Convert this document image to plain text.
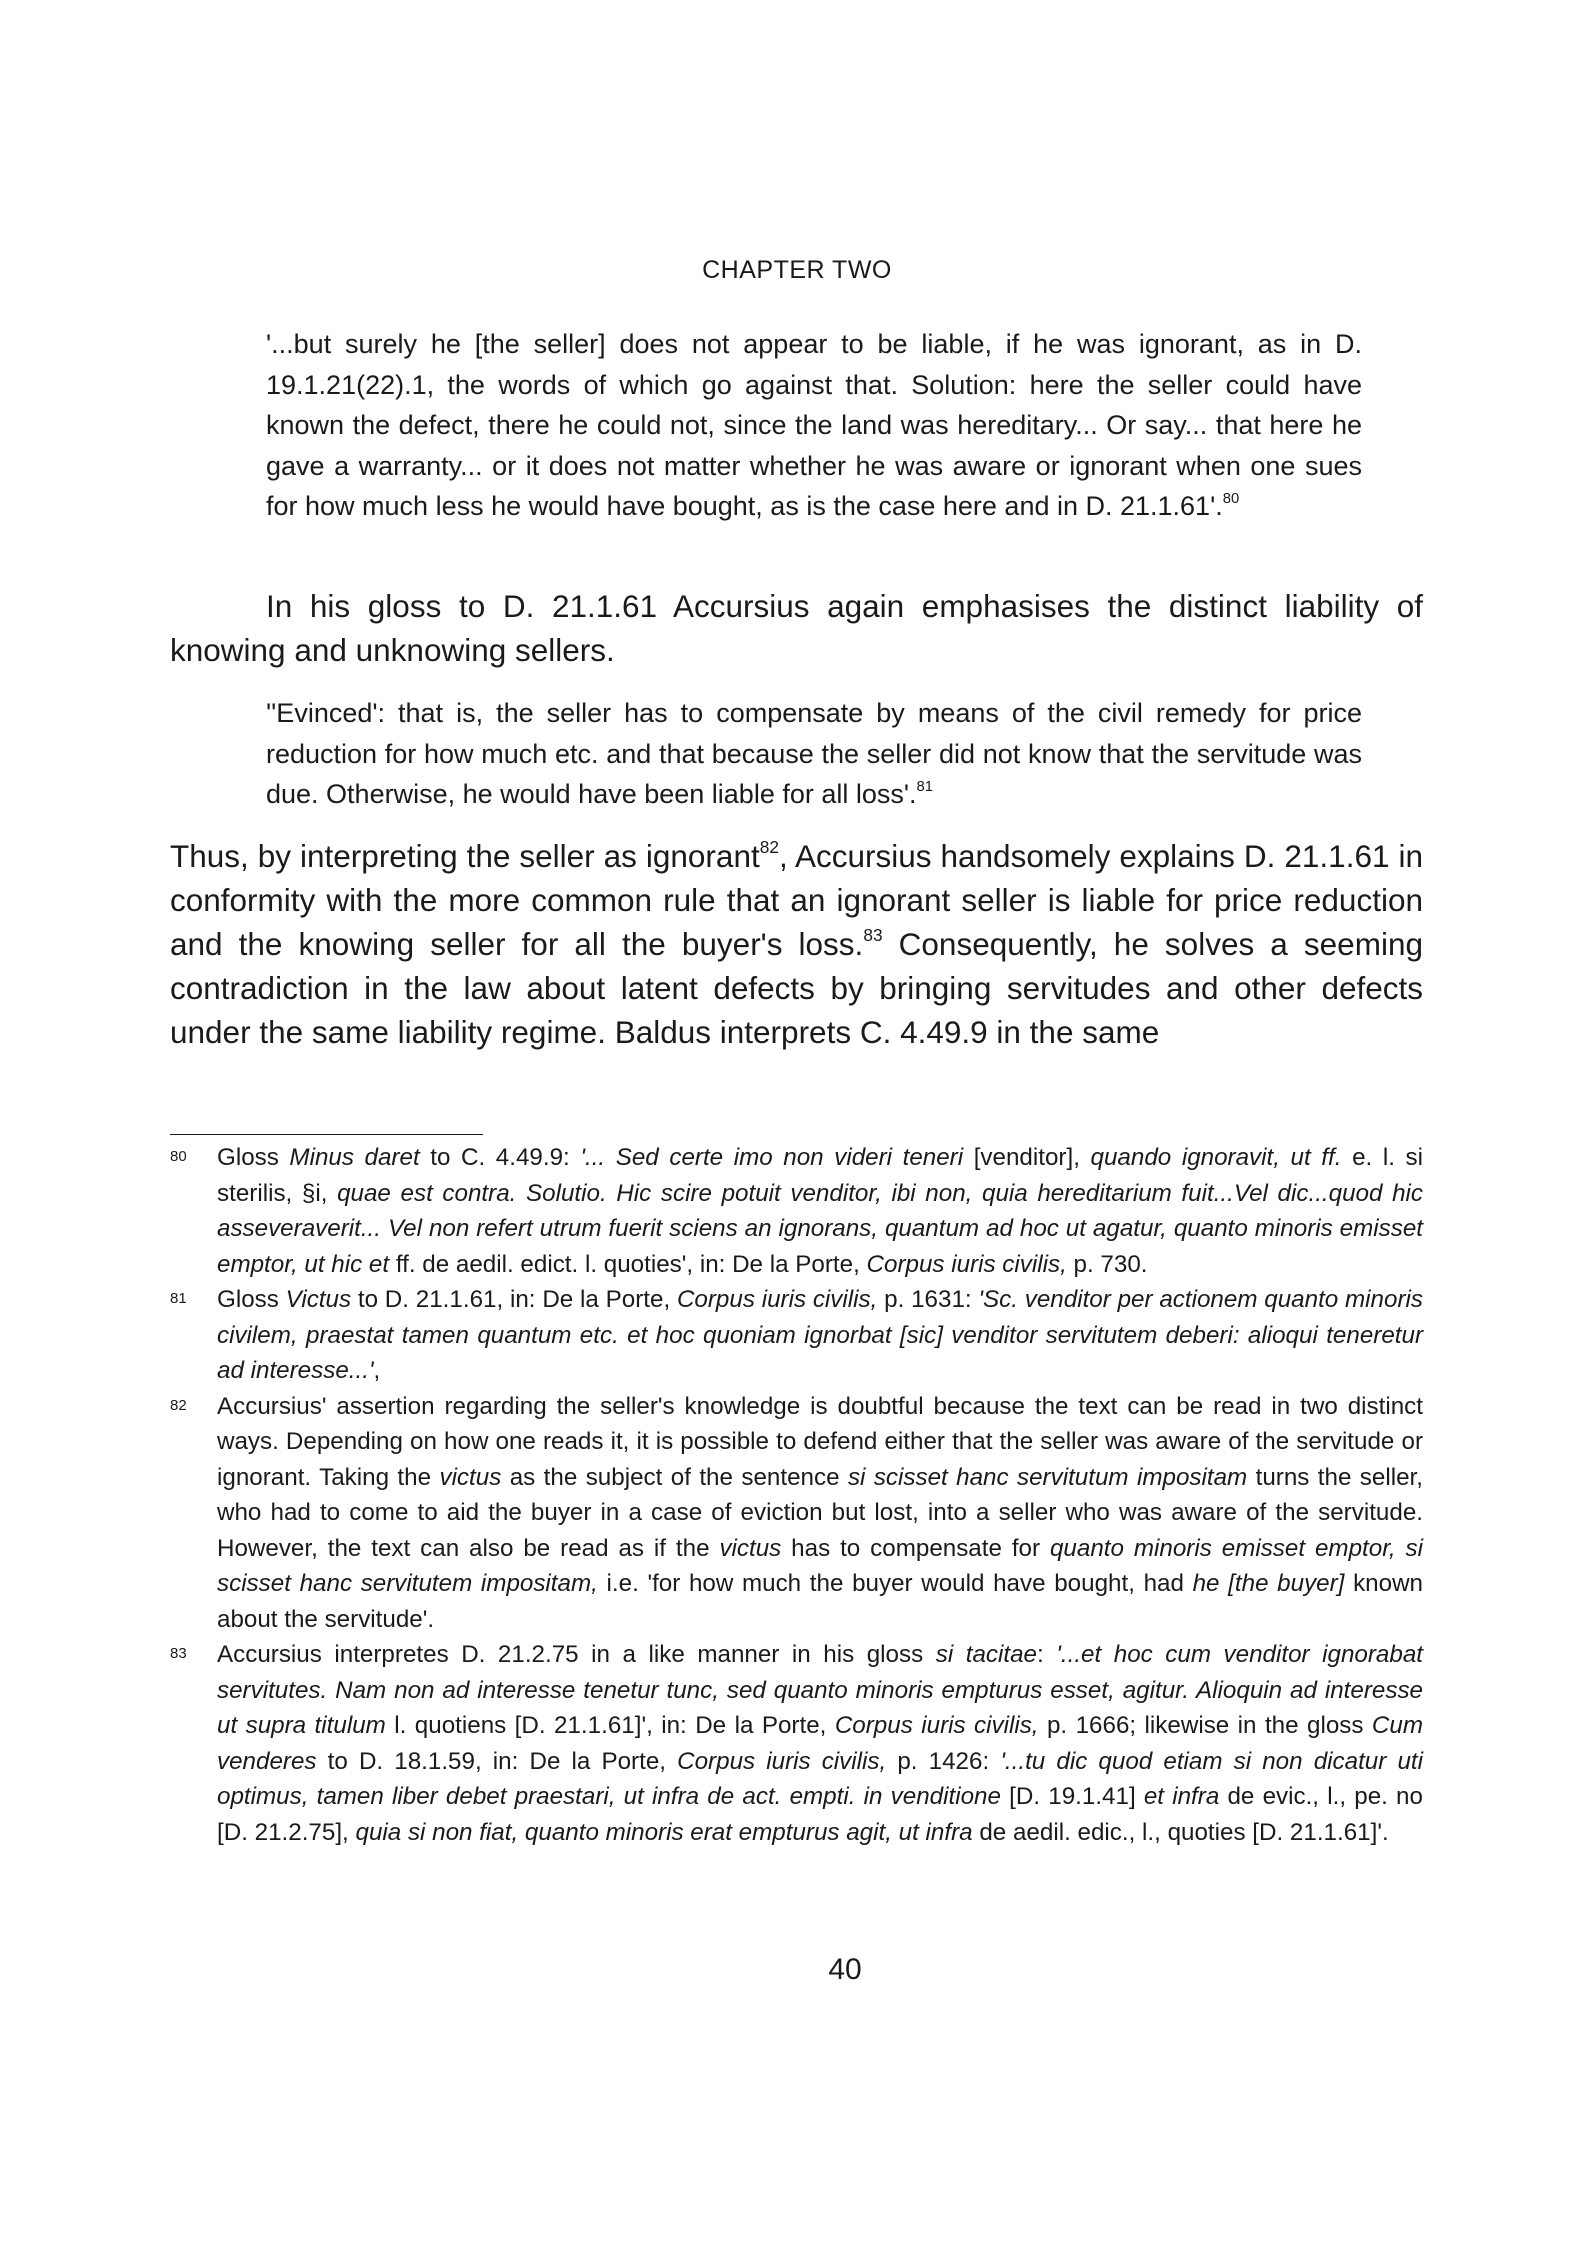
CHAPTER TWO
'...but surely he [the seller] does not appear to be liable, if he was ignorant, as in D. 19.1.21(22).1, the words of which go against that. Solution: here the seller could have known the defect, there he could not, since the land was hereditary... Or say... that here he gave a warranty... or it does not matter whether he was aware or ignorant when one sues for how much less he would have bought, as is the case here and in D. 21.1.61'.$^{80}$
In his gloss to D. 21.1.61 Accursius again emphasises the distinct liability of knowing and unknowing sellers.
''Evinced': that is, the seller has to compensate by means of the civil remedy for price reduction for how much etc. and that because the seller did not know that the servitude was due. Otherwise, he would have been liable for all loss'.$^{81}$
Thus, by interpreting the seller as ignorant$^{82}$, Accursius handsomely explains D. 21.1.61 in conformity with the more common rule that an ignorant seller is liable for price reduction and the knowing seller for all the buyer's loss.$^{83}$ Consequently, he solves a seeming contradiction in the law about latent defects by bringing servitudes and other defects under the same liability regime. Baldus interprets C. 4.49.9 in the same
80	Gloss Minus daret to C. 4.49.9: '... Sed certe imo non videri teneri [venditor], quando ignoravit, ut ff. e. l. si sterilis, §i, quae est contra. Solutio. Hic scire potuit venditor, ibi non, quia hereditarium fuit...Vel dic...quod hic asseveraverit... Vel non refert utrum fuerit sciens an ignorans, quantum ad hoc ut agatur, quanto minoris emisset emptor, ut hic et ff. de aedil. edict. l. quoties', in: De la Porte, Corpus iuris civilis, p. 730.
81	Gloss Victus to D. 21.1.61, in: De la Porte, Corpus iuris civilis, p. 1631: 'Sc. venditor per actionem quanto minoris civilem, praestat tamen quantum etc. et hoc quoniam ignorbat [sic] venditor servitutem deberi: alioqui teneretur ad interesse...',
82	Accursius' assertion regarding the seller's knowledge is doubtful because the text can be read in two distinct ways. Depending on how one reads it, it is possible to defend either that the seller was aware of the servitude or ignorant. Taking the victus as the subject of the sentence si scisset hanc servitutum impositam turns the seller, who had to come to aid the buyer in a case of eviction but lost, into a seller who was aware of the servitude. However, the text can also be read as if the victus has to compensate for quanto minoris emisset emptor, si scisset hanc servitutem impositam, i.e. 'for how much the buyer would have bought, had he [the buyer] known about the servitude'.
83	Accursius interpretes D. 21.2.75 in a like manner in his gloss si tacitae: '...et hoc cum venditor ignorabat servitutes. Nam non ad interesse tenetur tunc, sed quanto minoris empturus esset, agitur. Alioquin ad interesse ut supra titulum l. quotiens [D. 21.1.61]', in: De la Porte, Corpus iuris civilis, p. 1666; likewise in the gloss Cum venderes to D. 18.1.59, in: De la Porte, Corpus iuris civilis, p. 1426: '...tu dic quod etiam si non dicatur uti optimus, tamen liber debet praestari, ut infra de act. empti. in venditione [D. 19.1.41] et infra de evic., l., pe. no [D. 21.2.75], quia si non fiat, quanto minoris erat empturus agit, ut infra de aedil. edic., l., quoties [D. 21.1.61]'.
40
